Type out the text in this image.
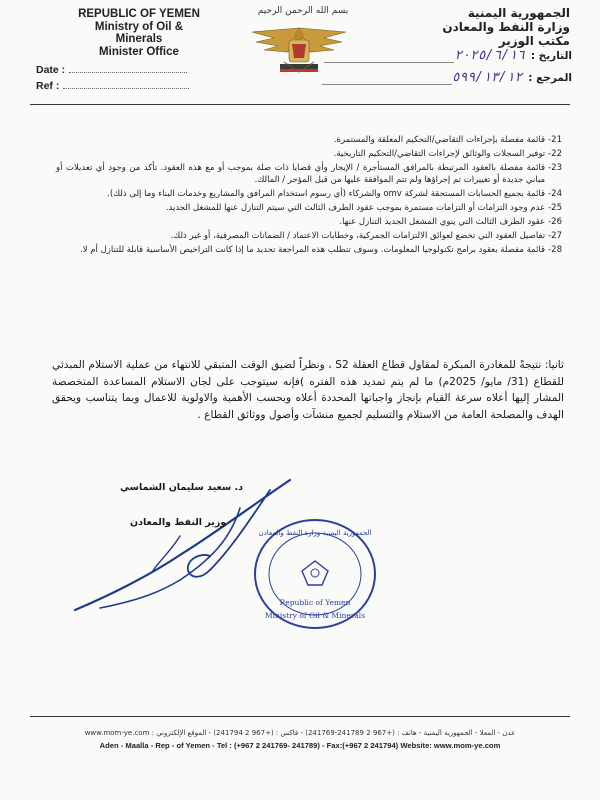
REPUBLIC OF YEMEN
Ministry of Oil &
Minerals
Minister Office
بسم الله الرحمن الرحيم	الجمهورية اليمنية
وزارة النفط والمعادن
مكتب الوزير
Date :
Ref :
التاريخ :٢٠٢٥/٦/١٦
المرجع :٥٩٩/١٣/١٢
21-
قائمة مفصلة بإجراءات التقاضي/التحكيم المعلقة والمستمرة.
22-
توفير السجلات والوثائق لإجراءات التقاضي/التحكيم التاريخية.
23-
قائمة مفصلة بالعقود المرتبطة بالمرافق المستأجرة / الإيجار وأي قضايا ذات صلة بموجب أو مع هذه العقود. تأكد من وجود أي تعديلات أو مباني جديدة أو تغييرات تم إجراؤها ولم تتم الموافقة عليها من قبل المؤجر / المالك.
24-
قائمة بجميع الحسابات المستحقة لشركة omv والشركاء (أي رسوم استخدام المرافق والمشاريع وخدمات البناء وما إلى ذلك).
25-
عدم وجود التزامات أو التزامات مستمرة بموجب عقود الطرف الثالث التي سيتم التنازل عنها للمشغل الجديد.
26-
عقود الطرف الثالث التي ينوي المشغل الجديد التنازل عنها.
27-
تفاصيل العقود التي تخضع لعوائق الالتزامات الجمركية، وخطابات الاعتماد / الضمانات المصرفية، أو غير ذلك.
28-
قائمة مفصلة بعقود برامج تكنولوجيا المعلومات. وسوف تتطلب هذه المراجعة تحديد ما إذا كانت التراخيص الأساسية قابلة للتنازل أم لا.
ثانيا: نتيجةً للمغادرة المبكرة لمقاول قطاع العقلة S2 ، ونظراً لضيق الوقت المتبقي للانتهاء من عملية الاستلام المبدئي للقطاع (31/ مايو/ 2025م) ما لم يتم تمديد هذه الفتره )فإنه سيتوجب على لجان الاستلام المساعدة المتخصصة المشار إليها أعلاه سرعة القيام بإنجاز واجباتها المحددة أعلاه وبحسب الأهمية والاولوية للاعمال وبما يتناسب ويحقق الهدف والمصلحة العامة من الاستلام والتسليم لجميع منشآت وأصول ووثائق القطاع .
د. سعيد سليمان الشماسي
وزير النفط والمعادن
الجمهورية اليمنية وزارة النفط والمعادن
Republic of Yemen
Ministry of Oil & Minerals
عدن - المعلا - الجمهورية اليمنية - هاتف : (+967 2 241789-241769) - فاكس : (+967 2 241794) - الموقع الإلكتروني : www.mom-ye.com
Aden - Maalla - Rep - of Yemen - Tel : (+967 2 241769- 241789) - Fax:(+967 2 241794) Website: www.mom-ye.com
